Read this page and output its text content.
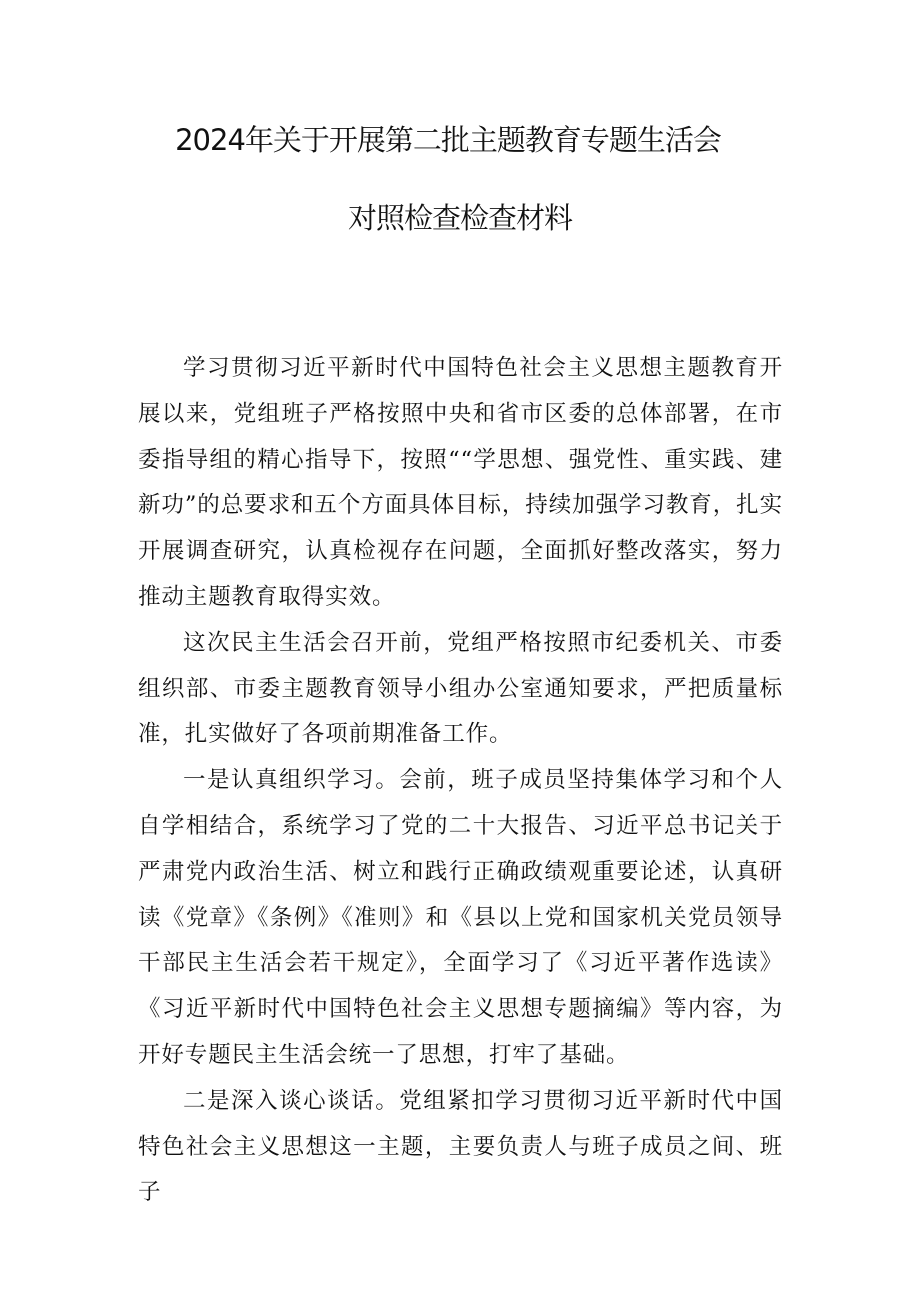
2024年关于开展第二批主题教育专题生活会
对照检查检查材料

学习贯彻习近平新时代中国特色社会主义思想主题教育开展以来，党组班子严格按照中央和省市区委的总体部署，在市委指导组的精心指导下，按照““学思想、强党性、重实践、建新功”的总要求和五个方面具体目标，持续加强学习教育，扎实开展调查研究，认真检视存在问题，全面抓好整改落实，努力推动主题教育取得实效。

这次民主生活会召开前，党组严格按照市纪委机关、市委组织部、市委主题教育领导小组办公室通知要求，严把质量标准，扎实做好了各项前期准备工作。

一是认真组织学习。会前，班子成员坚持集体学习和个人自学相结合，系统学习了党的二十大报告、习近平总书记关于严肃党内政治生活、树立和践行正确政绩观重要论述，认真研读《党章》《条例》《准则》和《县以上党和国家机关党员领导干部民主生活会若干规定》，全面学习了《习近平著作选读》《习近平新时代中国特色社会主义思想专题摘编》等内容，为开好专题民主生活会统一了思想，打牢了基础。

二是深入谈心谈话。党组紧扣学习贯彻习近平新时代中国特色社会主义思想这一主题，主要负责人与班子成员之间、班子
